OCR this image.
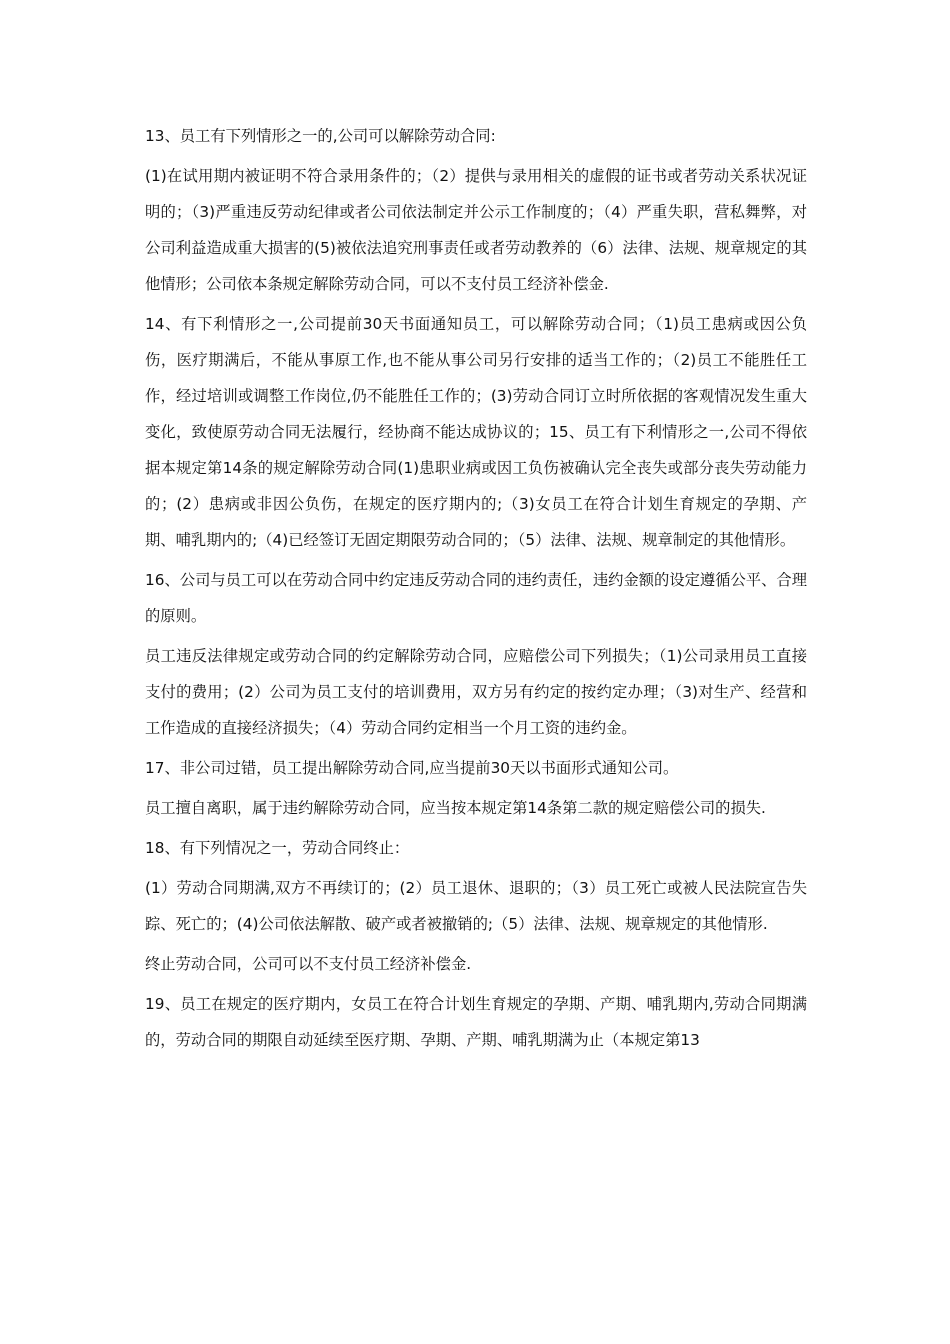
13、员工有下列情形之一的,公司可以解除劳动合同:

(1)在试用期内被证明不符合录用条件的；（2）提供与录用相关的虚假的证书或者劳动关系状况证明的；（3)严重违反劳动纪律或者公司依法制定并公示工作制度的；（4）严重失职，营私舞弊，对公司利益造成重大损害的(5)被依法追究刑事责任或者劳动教养的（6）法律、法规、规章规定的其他情形；公司依本条规定解除劳动合同，可以不支付员工经济补偿金.

14、有下利情形之一,公司提前30天书面通知员工，可以解除劳动合同；（1)员工患病或因公负伤，医疗期满后，不能从事原工作,也不能从事公司另行安排的适当工作的；（2)员工不能胜任工作，经过培训或调整工作岗位,仍不能胜任工作的；(3)劳动合同订立时所依据的客观情况发生重大变化，致使原劳动合同无法履行，经协商不能达成协议的；15、员工有下利情形之一,公司不得依据本规定第14条的规定解除劳动合同(1)患职业病或因工负伤被确认完全丧失或部分丧失劳动能力的；(2）患病或非因公负伤，在规定的医疗期内的;（3)女员工在符合计划生育规定的孕期、产期、哺乳期内的;（4)已经签订无固定期限劳动合同的；（5）法律、法规、规章制定的其他情形。

16、公司与员工可以在劳动合同中约定违反劳动合同的违约责任，违约金额的设定遵循公平、合理的原则。

员工违反法律规定或劳动合同的约定解除劳动合同，应赔偿公司下列损失；（1)公司录用员工直接支付的费用；(2）公司为员工支付的培训费用，双方另有约定的按约定办理；（3)对生产、经营和工作造成的直接经济损失；（4）劳动合同约定相当一个月工资的违约金。

17、非公司过错，员工提出解除劳动合同,应当提前30天以书面形式通知公司。

员工擅自离职，属于违约解除劳动合同，应当按本规定第14条第二款的规定赔偿公司的损失.

18、有下列情况之一，劳动合同终止：

(1）劳动合同期满,双方不再续订的；(2）员工退休、退职的；（3）员工死亡或被人民法院宣告失踪、死亡的；(4)公司依法解散、破产或者被撤销的;（5）法律、法规、规章规定的其他情形.

终止劳动合同，公司可以不支付员工经济补偿金.

19、员工在规定的医疗期内，女员工在符合计划生育规定的孕期、产期、哺乳期内,劳动合同期满的，劳动合同的期限自动延续至医疗期、孕期、产期、哺乳期满为止（本规定第13
